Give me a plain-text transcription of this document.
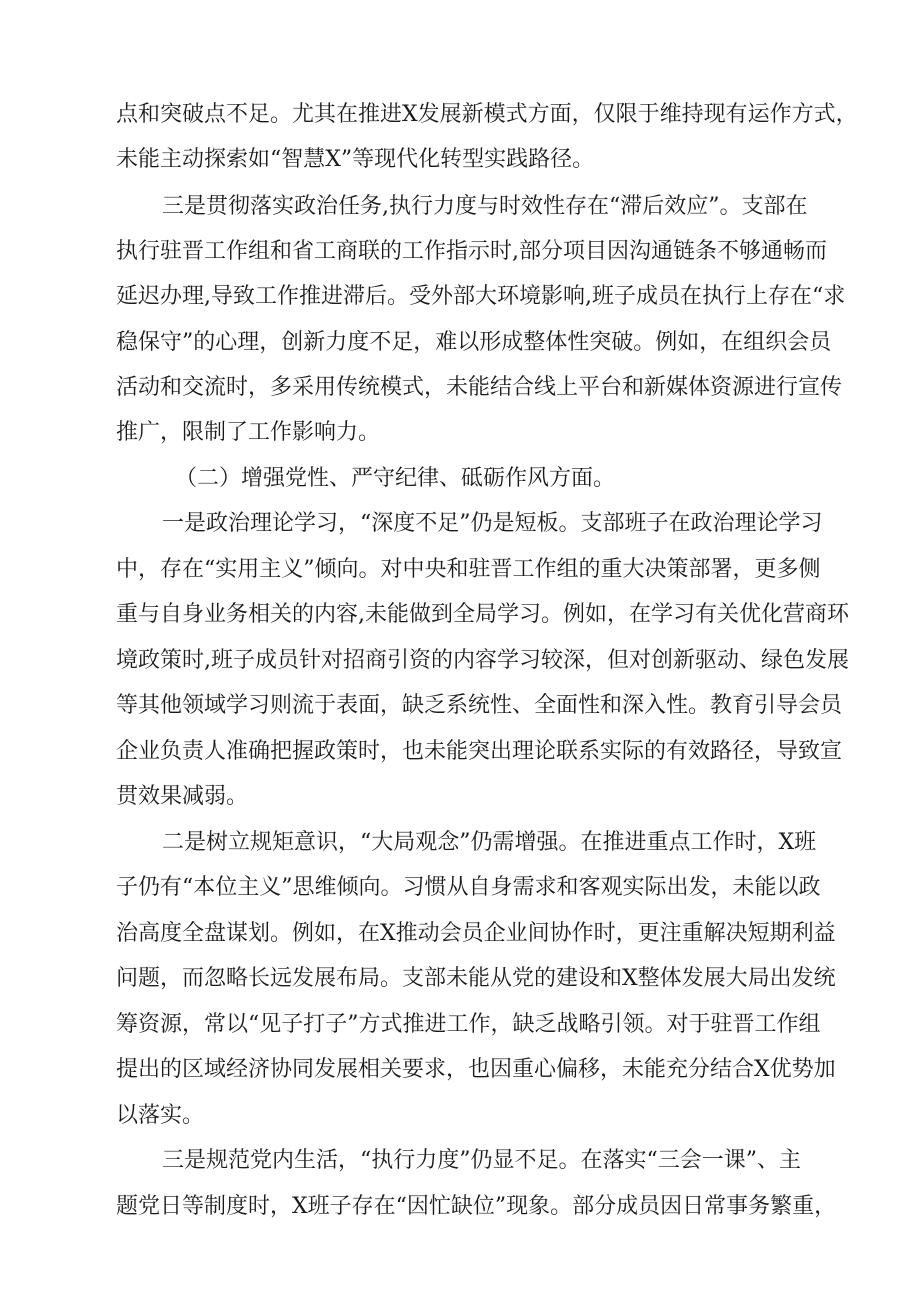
点和突破点不足。尤其在推进X发展新模式方面，仅限于维持现有运作方式，
未能主动探索如“智慧X”等现代化转型实践路径。
三是贯彻落实政治任务,执行力度与时效性存在“滞后效应”。支部在
执行驻晋工作组和省工商联的工作指示时,部分项目因沟通链条不够通畅而
延迟办理,导致工作推进滞后。受外部大环境影响,班子成员在执行上存在“求
稳保守”的心理，创新力度不足，难以形成整体性突破。例如，在组织会员
活动和交流时，多采用传统模式，未能结合线上平台和新媒体资源进行宣传
推广，限制了工作影响力。
（二）增强党性、严守纪律、砥砺作风方面。
一是政治理论学习，“深度不足”仍是短板。支部班子在政治理论学习
中，存在“实用主义”倾向。对中央和驻晋工作组的重大决策部署，更多侧
重与自身业务相关的内容,未能做到全局学习。例如，在学习有关优化营商环
境政策时,班子成员针对招商引资的内容学习较深，但对创新驱动、绿色发展
等其他领域学习则流于表面，缺乏系统性、全面性和深入性。教育引导会员
企业负责人准确把握政策时，也未能突出理论联系实际的有效路径，导致宣
贯效果减弱。
二是树立规矩意识，“大局观念”仍需增强。在推进重点工作时，X班
子仍有“本位主义”思维倾向。习惯从自身需求和客观实际出发，未能以政
治高度全盘谋划。例如，在X推动会员企业间协作时，更注重解决短期利益
问题，而忽略长远发展布局。支部未能从党的建设和X整体发展大局出发统
筹资源，常以“见子打子”方式推进工作，缺乏战略引领。对于驻晋工作组
提出的区域经济协同发展相关要求，也因重心偏移，未能充分结合X优势加
以落实。
三是规范党内生活，“执行力度”仍显不足。在落实“三会一课”、主
题党日等制度时，X班子存在“因忙缺位”现象。部分成员因日常事务繁重，
